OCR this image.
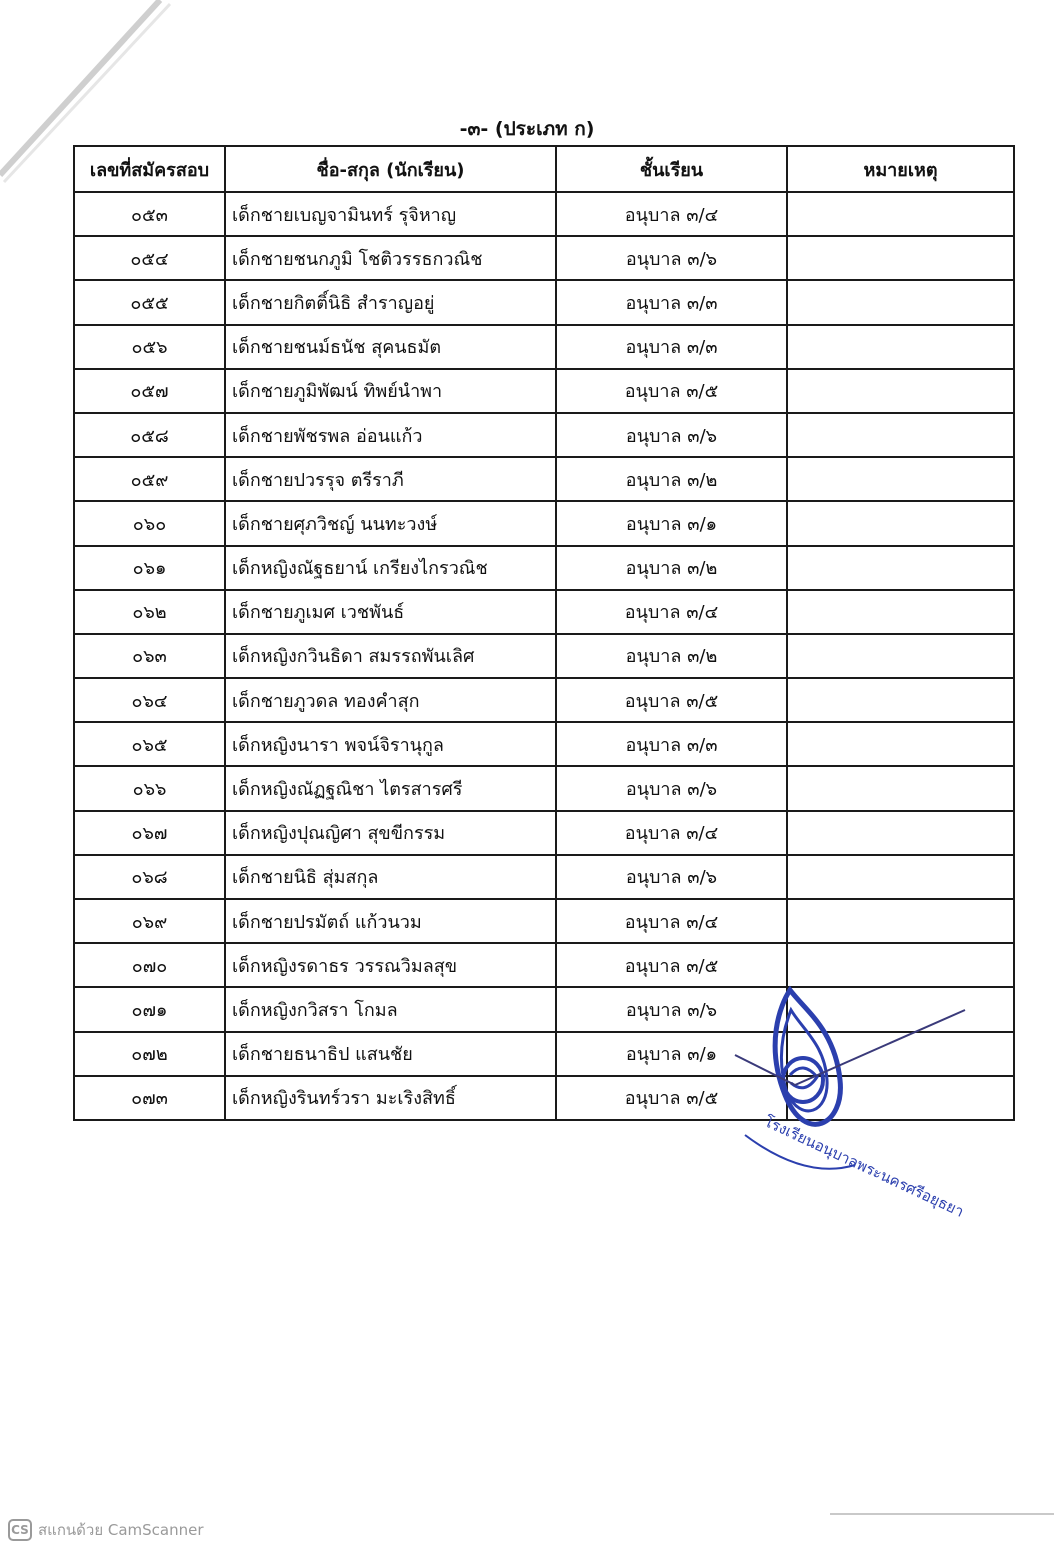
-๓- (ประเภท ก)
เลขที่สมัครสอบ	ชื่อ-สกุล (นักเรียน)	ชั้นเรียน	หมายเหตุ
๐๕๓	เด็กชายเบญจามินทร์ รุจิหาญ	อนุบาล ๓/๔	
๐๕๔	เด็กชายชนกภูมิ โชติวรรธกวณิช	อนุบาล ๓/๖	
๐๕๕	เด็กชายกิตติ์นิธิ สำราญอยู่	อนุบาล ๓/๓	
๐๕๖	เด็กชายชนม์ธนัช สุคนธมัต	อนุบาล ๓/๓	
๐๕๗	เด็กชายภูมิพัฒน์ ทิพย์นำพา	อนุบาล ๓/๕	
๐๕๘	เด็กชายพัชรพล อ่อนแก้ว	อนุบาล ๓/๖	
๐๕๙	เด็กชายปวรรุจ ตรีราภี	อนุบาล ๓/๒	
๐๖๐	เด็กชายศุภวิชญ์ นนทะวงษ์	อนุบาล ๓/๑	
๐๖๑	เด็กหญิงณัฐธยาน์ เกรียงไกรวณิช	อนุบาล ๓/๒	
๐๖๒	เด็กชายภูเมศ เวชพันธ์	อนุบาล ๓/๔	
๐๖๓	เด็กหญิงกวินธิดา สมรรถพันเลิศ	อนุบาล ๓/๒	
๐๖๔	เด็กชายภูวดล ทองคำสุก	อนุบาล ๓/๕	
๐๖๕	เด็กหญิงนารา พจน์จิรานุกูล	อนุบาล ๓/๓	
๐๖๖	เด็กหญิงณัฏฐณิชา ไตรสารศรี	อนุบาล ๓/๖	
๐๖๗	เด็กหญิงปุณญิศา สุขขีกรรม	อนุบาล ๓/๔	
๐๖๘	เด็กชายนิธิ สุ่มสกุล	อนุบาล ๓/๖	
๐๖๙	เด็กชายปรมัตถ์ แก้วนวม	อนุบาล ๓/๔	
๐๗๐	เด็กหญิงรดาธร วรรณวิมลสุข	อนุบาล ๓/๕	
๐๗๑	เด็กหญิงกวิสรา โกมล	อนุบาล ๓/๖	
๐๗๒	เด็กชายธนาธิป แสนชัย	อนุบาล ๓/๑	
๐๗๓	เด็กหญิงรินทร์วรา มะเริงสิทธิ์	อนุบาล ๓/๕	
โรงเรียนอนุบาลพระนครศรีอยุธยา
CS สแกนด้วย CamScanner
